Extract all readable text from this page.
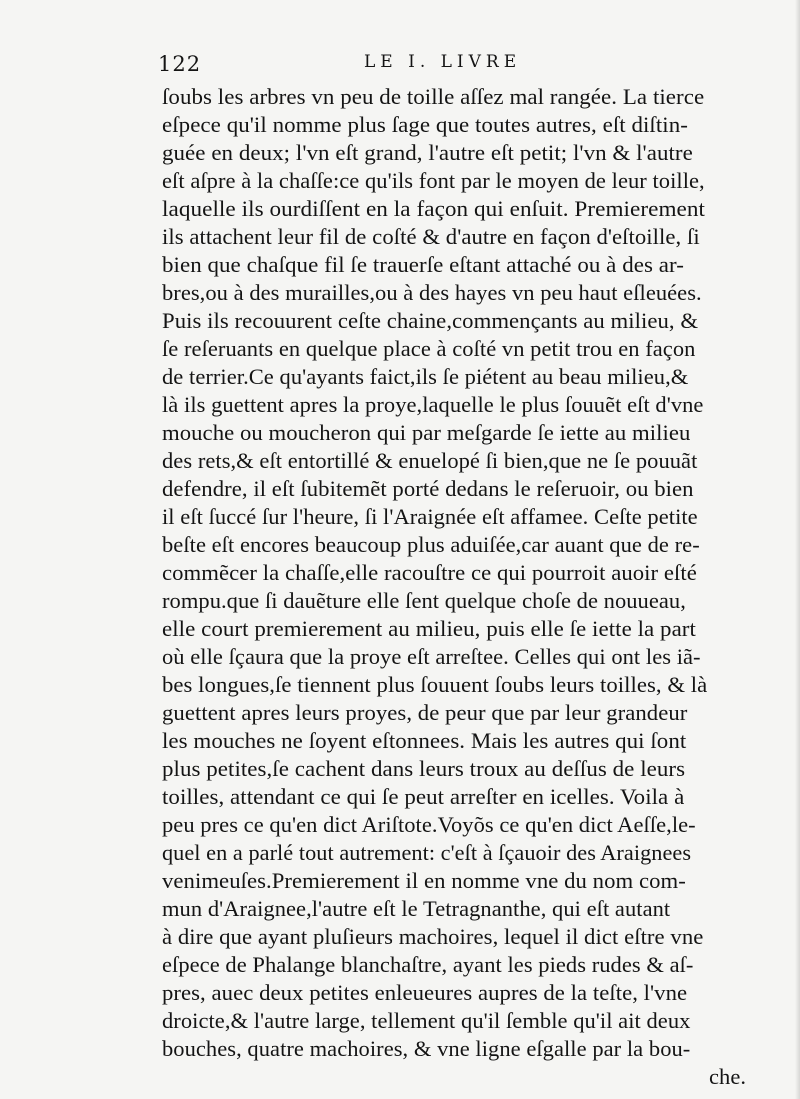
122	LE I. LIVRE
ſoubs les arbres vn peu de toille aſſez mal rangée. La tierce
eſpece qu'il nomme plus ſage que toutes autres, eſt diſtin-
guée en deux; l'vn eſt grand, l'autre eſt petit; l'vn & l'autre
eſt aſpre à la chaſſe:ce qu'ils font par le moyen de leur toille,
laquelle ils ourdiſſent en la façon qui enſuit. Premierement
ils attachent leur fil de coſté & d'autre en façon d'eſtoille, ſi
bien que chaſque fil ſe trauerſe eſtant attaché ou à des ar-
bres,ou à des murailles,ou à des hayes vn peu haut eſleuées.
Puis ils recouurent ceſte chaine,commençants au milieu, &
ſe reſeruants en quelque place à coſté vn petit trou en façon
de terrier.Ce qu'ayants faict,ils ſe piétent au beau milieu,&
là ils guettent apres la proye,laquelle le plus ſouuẽt eſt d'vne
mouche ou moucheron qui par meſgarde ſe iette au milieu
des rets,& eſt entortillé & enuelopé ſi bien,que ne ſe pouuãt
defendre, il eſt ſubitemẽt porté dedans le reſeruoir, ou bien
il eſt ſuccé ſur l'heure, ſi l'Araignée eſt affamee. Ceſte petite
beſte eſt encores beaucoup plus aduiſée,car auant que de re-
commẽcer la chaſſe,elle racouſtre ce qui pourroit auoir eſté
rompu.que ſi dauẽture elle ſent quelque choſe de nouueau,
elle court premierement au milieu, puis elle ſe iette la part
où elle ſçaura que la proye eſt arreſtee. Celles qui ont les iã-
bes longues,ſe tiennent plus ſouuent ſoubs leurs toilles, & là
guettent apres leurs proyes, de peur que par leur grandeur
les mouches ne ſoyent eſtonnees. Mais les autres qui ſont
plus petites,ſe cachent dans leurs troux au deſſus de leurs
toilles, attendant ce qui ſe peut arreſter en icelles. Voila à
peu pres ce qu'en dict Ariſtote.Voyõs ce qu'en dict Aeſſe,le-
quel en a parlé tout autrement: c'eſt à ſçauoir des Araignees
venimeuſes.Premierement il en nomme vne du nom com-
mun d'Araignee,l'autre eſt le Tetragnanthe, qui eſt autant
à dire que ayant pluſieurs machoires, lequel il dict eſtre vne
eſpece de Phalange blanchaſtre, ayant les pieds rudes & aſ-
pres, auec deux petites enleueures aupres de la teſte, l'vne
droicte,& l'autre large, tellement qu'il ſemble qu'il ait deux
bouches, quatre machoires, & vne ligne eſgalle par la bou-
che.
